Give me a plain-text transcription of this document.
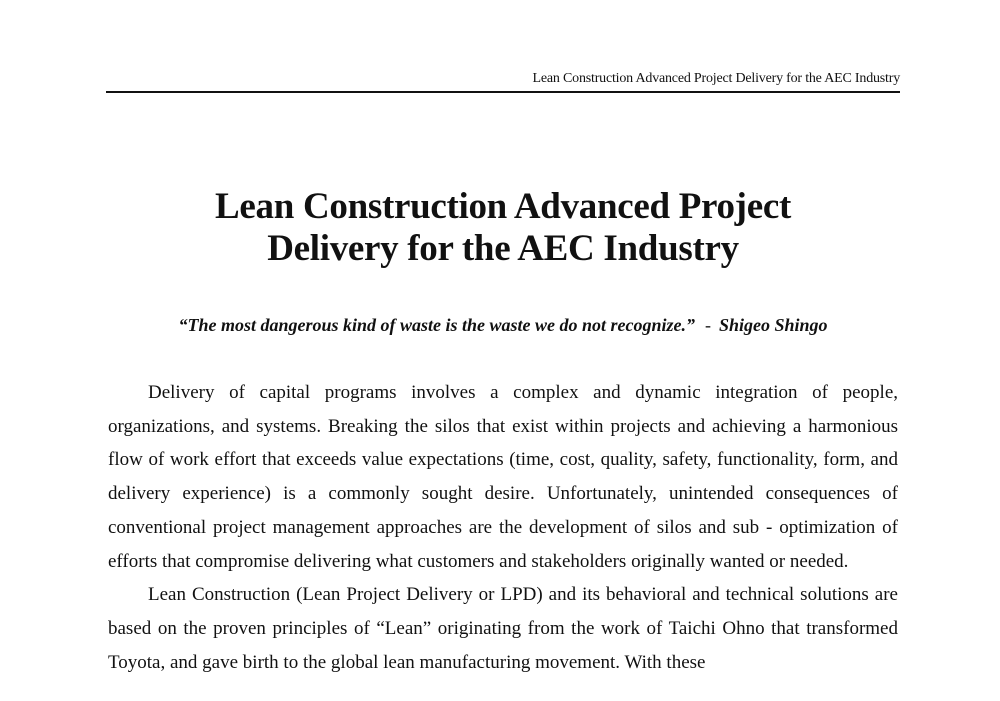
Lean Construction Advanced Project Delivery for the AEC Industry
Lean Construction Advanced Project
Delivery for the AEC Industry
“The most dangerous kind of waste is the waste we do not recognize.” - Shigeo Shingo

Delivery of capital programs involves a complex and dynamic integration of people, organizations, and systems. Breaking the silos that exist within projects and achieving a harmonious flow of work effort that exceeds value expectations (time, cost, quality, safety, functionality, form, and delivery experience) is a commonly sought desire. Unfortunately, unintended consequences of conventional project management approaches are the development of silos and sub - optimization of efforts that compromise delivering what customers and stakeholders originally wanted or needed.

Lean Construction (Lean Project Delivery or LPD) and its behavioral and technical solutions are based on the proven principles of “Lean” originating from the work of Taichi Ohno that transformed Toyota, and gave birth to the global lean manufacturing movement. With these
